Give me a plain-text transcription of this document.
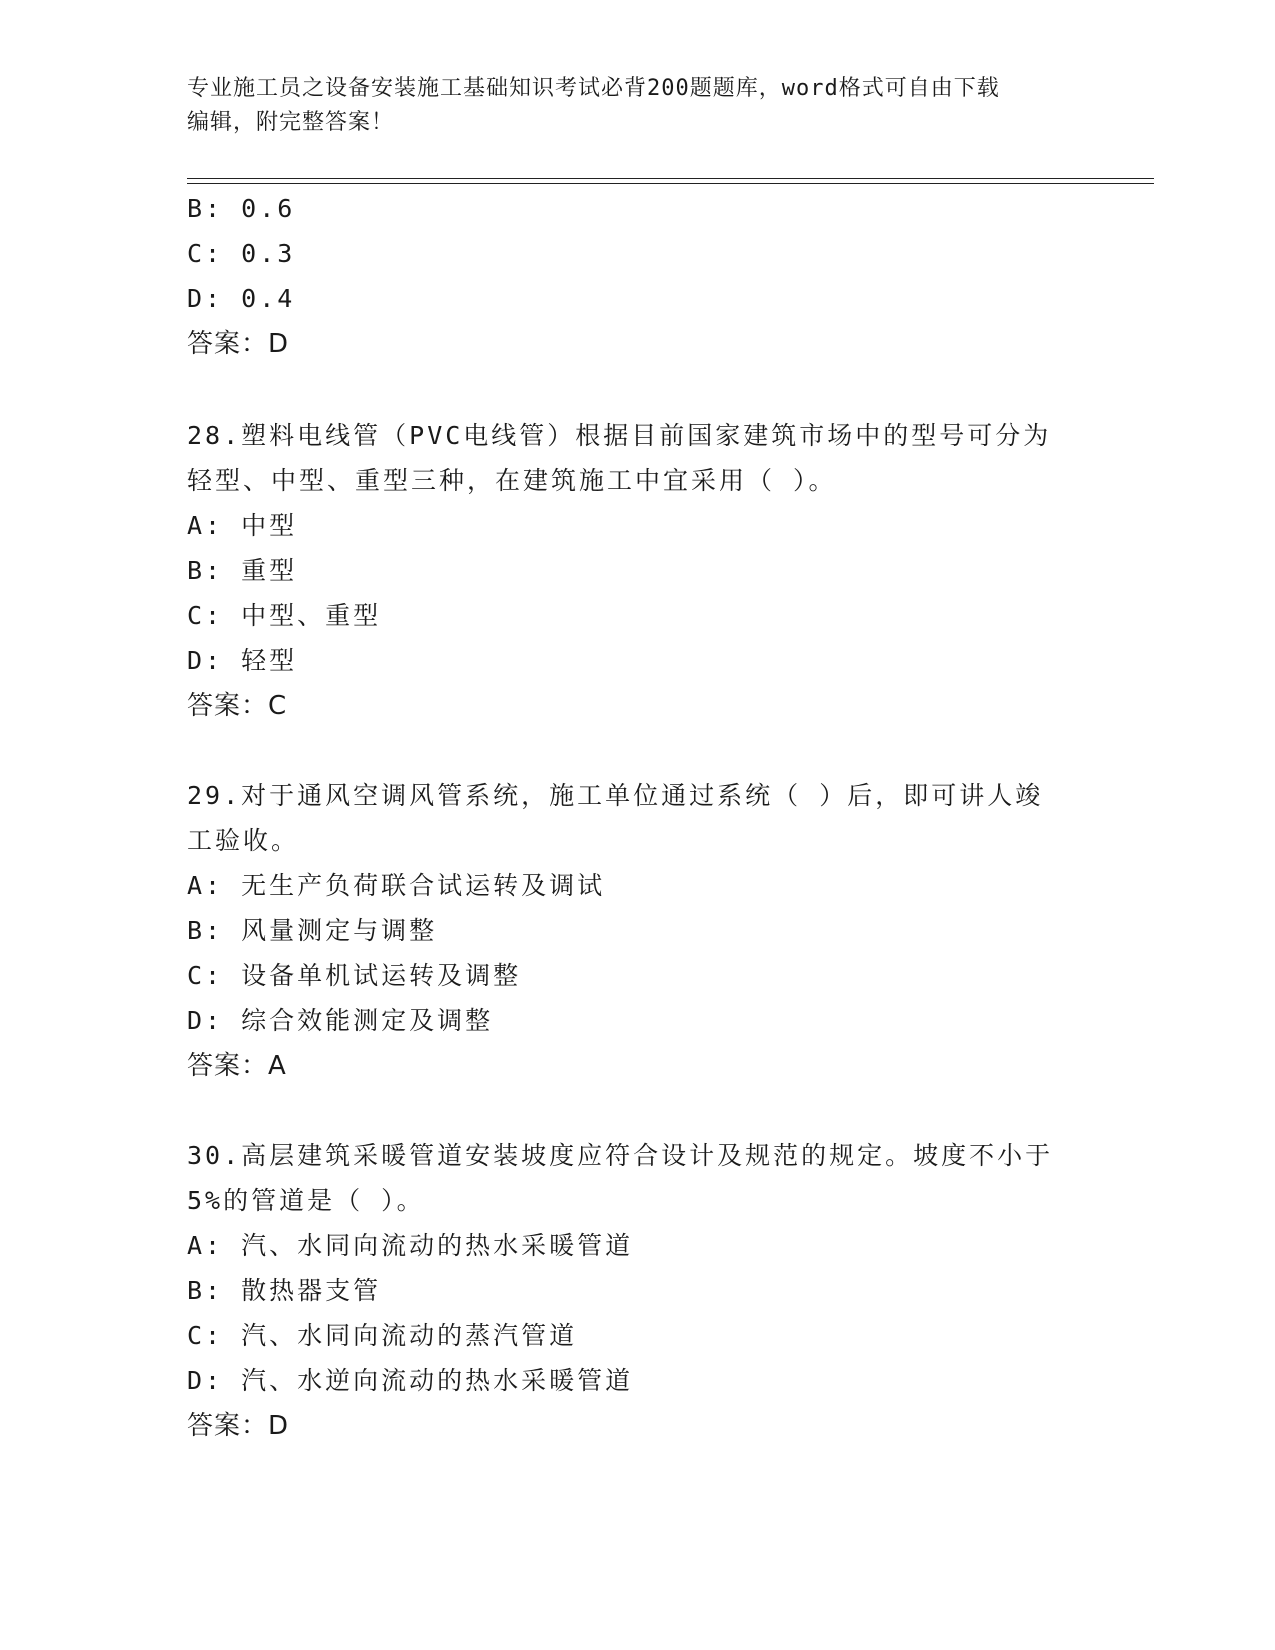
专业施工员之设备安装施工基础知识考试必背200题题库，word格式可自由下载
编辑，附完整答案！
B: 0.6
C: 0.3
D: 0.4
答案：D
28.塑料电线管（PVC电线管）根据目前国家建筑市场中的型号可分为
轻型、中型、重型三种，在建筑施工中宜采用（ ）。
A: 中型
B: 重型
C: 中型、重型
D: 轻型
答案：C
29.对于通风空调风管系统，施工单位通过系统（ ）后，即可讲人竣
工验收。
A: 无生产负荷联合试运转及调试
B: 风量测定与调整
C: 设备单机试运转及调整
D: 综合效能测定及调整
答案：A
30.高层建筑采暖管道安装坡度应符合设计及规范的规定。坡度不小于
5%的管道是（ ）。
A: 汽、水同向流动的热水采暖管道
B: 散热器支管
C: 汽、水同向流动的蒸汽管道
D: 汽、水逆向流动的热水采暖管道
答案：D
